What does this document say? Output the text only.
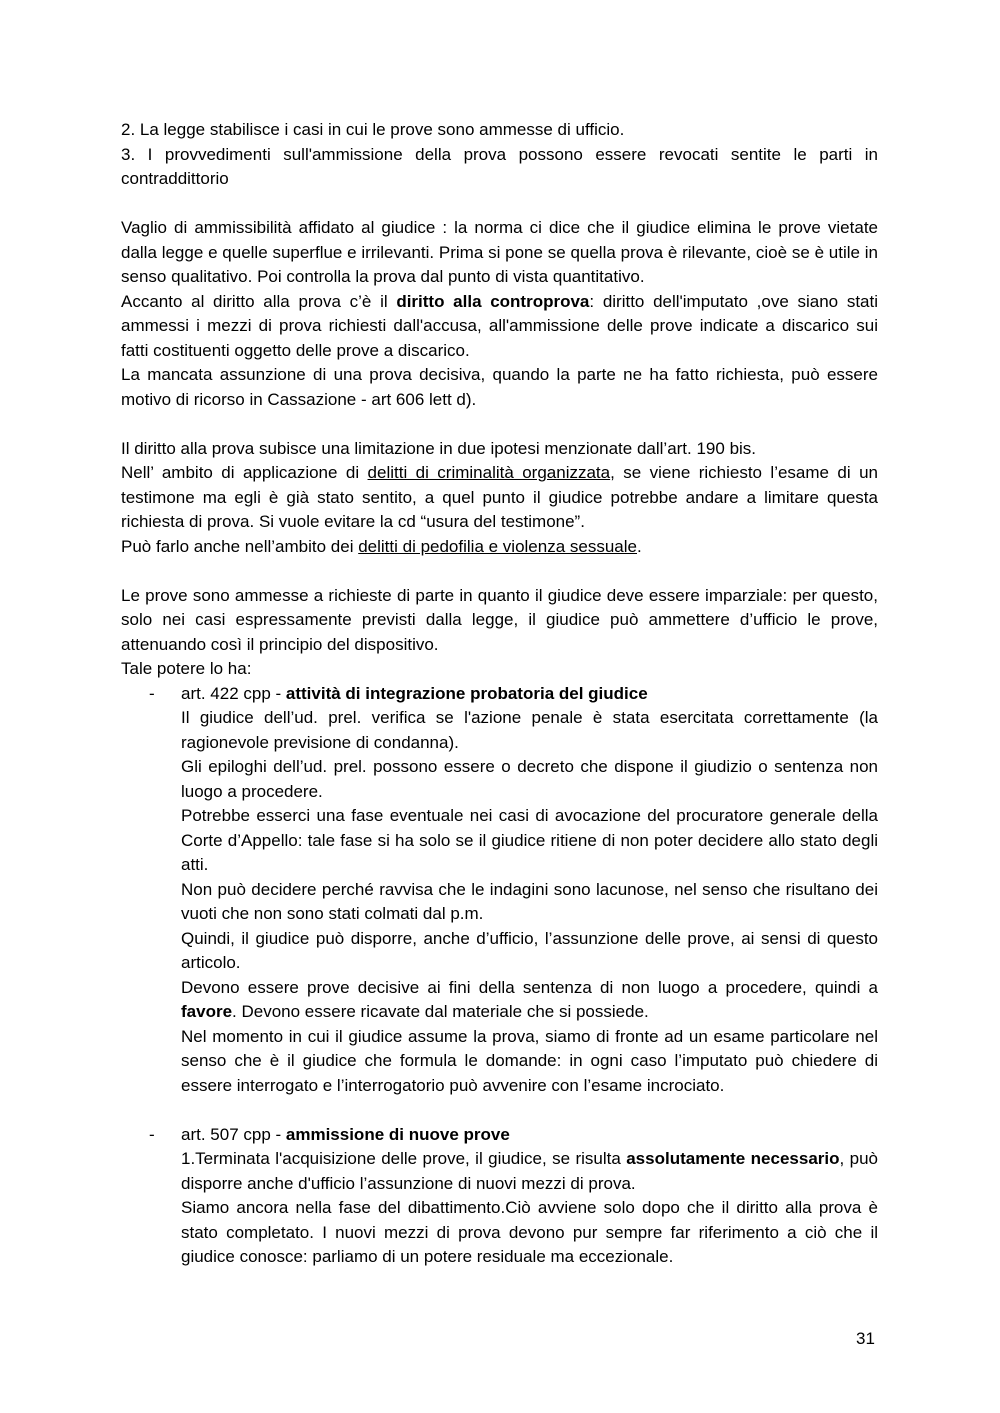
2. La legge stabilisce i casi in cui le prove sono ammesse di ufficio.

3. I provvedimenti sull'ammissione della prova possono essere revocati sentite le parti in contraddittorio

Vaglio di ammissibilità affidato al giudice : la norma ci dice che il giudice elimina le prove vietate dalla legge e quelle superflue e irrilevanti. Prima si pone se quella prova è rilevante, cioè se è utile in senso qualitativo. Poi controlla la prova dal punto di vista quantitativo.

Accanto al diritto alla prova c’è il diritto alla controprova: diritto dell'imputato ,ove siano stati ammessi i mezzi di prova richiesti dall'accusa, all'ammissione delle prove indicate a discarico sui fatti costituenti oggetto delle prove a discarico.

La mancata assunzione di una prova decisiva, quando la parte ne ha fatto richiesta, può essere motivo di ricorso in Cassazione - art 606 lett d).

Il diritto alla prova subisce una limitazione in due ipotesi menzionate dall’art. 190 bis.

Nell’ ambito di applicazione di delitti di criminalità organizzata, se viene richiesto l’esame di un testimone ma egli è già stato sentito, a quel punto il giudice potrebbe andare a limitare questa richiesta di prova. Si vuole evitare la cd “usura del testimone”.

Può farlo anche nell’ambito dei delitti di pedofilia e violenza sessuale.

Le prove sono ammesse a richieste di parte in quanto il giudice deve essere imparziale: per questo, solo nei casi espressamente previsti dalla legge, il giudice può ammettere d’ufficio le prove, attenuando così il principio del dispositivo.

Tale potere lo ha:

- art. 422 cpp - attività di integrazione probatoria del giudice

Il giudice dell’ud. prel. verifica se l'azione penale è stata esercitata correttamente (la ragionevole previsione di condanna).

Gli epiloghi dell’ud. prel. possono essere o decreto che dispone il giudizio o sentenza non luogo a procedere.

Potrebbe esserci una fase eventuale nei casi di avocazione del procuratore generale della Corte d’Appello: tale fase si ha solo se il giudice ritiene di non poter decidere allo stato degli atti.

Non può decidere perché ravvisa che le indagini sono lacunose, nel senso che risultano dei vuoti che non sono stati colmati dal p.m.

Quindi, il giudice può disporre, anche d’ufficio, l’assunzione delle prove, ai sensi di questo articolo.

Devono essere prove decisive ai fini della sentenza di non luogo a procedere, quindi a favore. Devono essere ricavate dal materiale che si possiede.

Nel momento in cui il giudice assume la prova, siamo di fronte ad un esame particolare nel senso che è il giudice che formula le domande: in ogni caso l’imputato può chiedere di essere interrogato e l’interrogatorio può avvenire con l’esame incrociato.

- art. 507 cpp - ammissione di nuove prove

1.Terminata l'acquisizione delle prove, il giudice, se risulta assolutamente necessario, può disporre anche d'ufficio l’assunzione di nuovi mezzi di prova.

Siamo ancora nella fase del dibattimento.Ciò avviene solo dopo che il diritto alla prova è stato completato. I nuovi mezzi di prova devono pur sempre far riferimento a ciò che il giudice conosce: parliamo di un potere residuale ma eccezionale.

31
